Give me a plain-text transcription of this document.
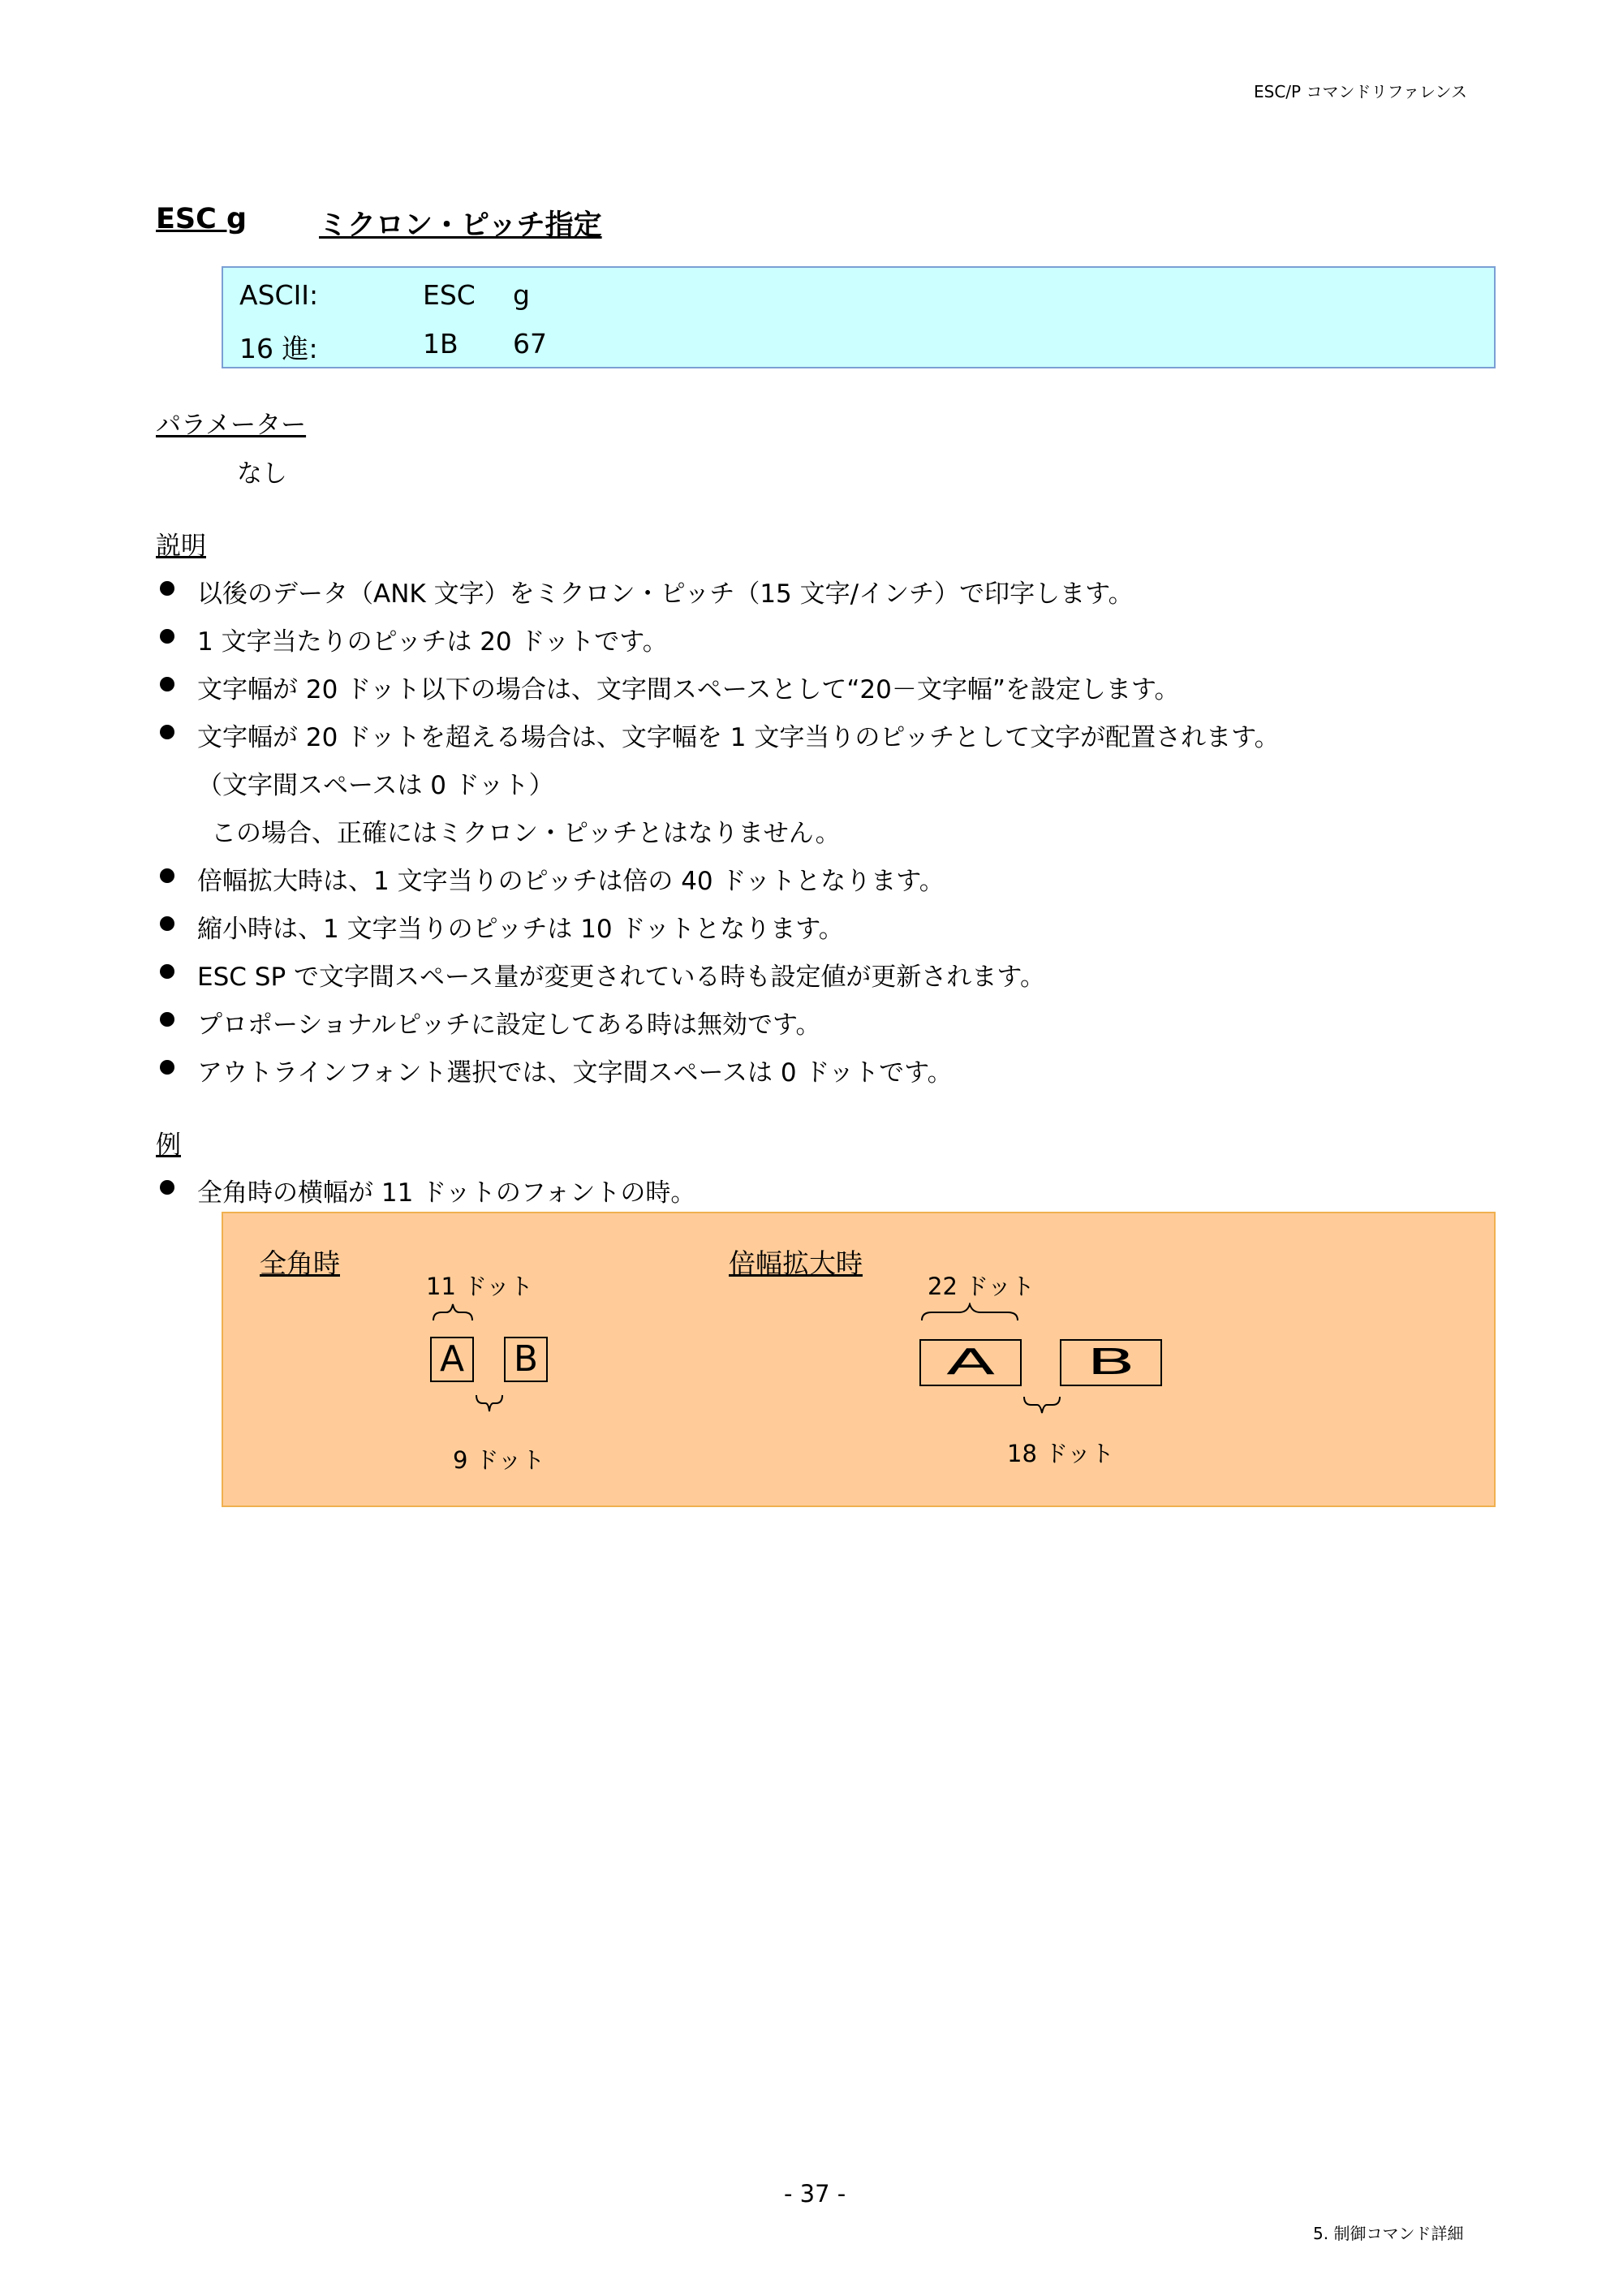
ESC/P コマンドリファレンス
ESC g	ミクロン・ピッチ指定
ASCII:	ESC g
16 進:	1B 67
パラメーター
なし
説明
以後のデータ（ANK 文字）をミクロン・ピッチ（15 文字/インチ）で印字します。
1 文字当たりのピッチは 20 ドットです。
文字幅が 20 ドット以下の場合は、文字間スペースとして“20－文字幅”を設定します。
文字幅が 20 ドットを超える場合は、文字幅を 1 文字当りのピッチとして文字が配置されます。
（文字間スペースは 0 ドット）
この場合、正確にはミクロン・ピッチとはなりません。
倍幅拡大時は、1 文字当りのピッチは倍の 40 ドットとなります。
縮小時は、1 文字当りのピッチは 10 ドットとなります。
ESC SP で文字間スペース量が変更されている時も設定値が更新されます。
プロポーショナルピッチに設定してある時は無効です。
アウトラインフォント選択では、文字間スペースは 0 ドットです。
例
全角時の横幅が 11 ドットのフォントの時。
全角時
11 ドット
A B
9 ドット
倍幅拡大時
22 ドット
A	B
18 ドット
- 37 -
5. 制御コマンド詳細
